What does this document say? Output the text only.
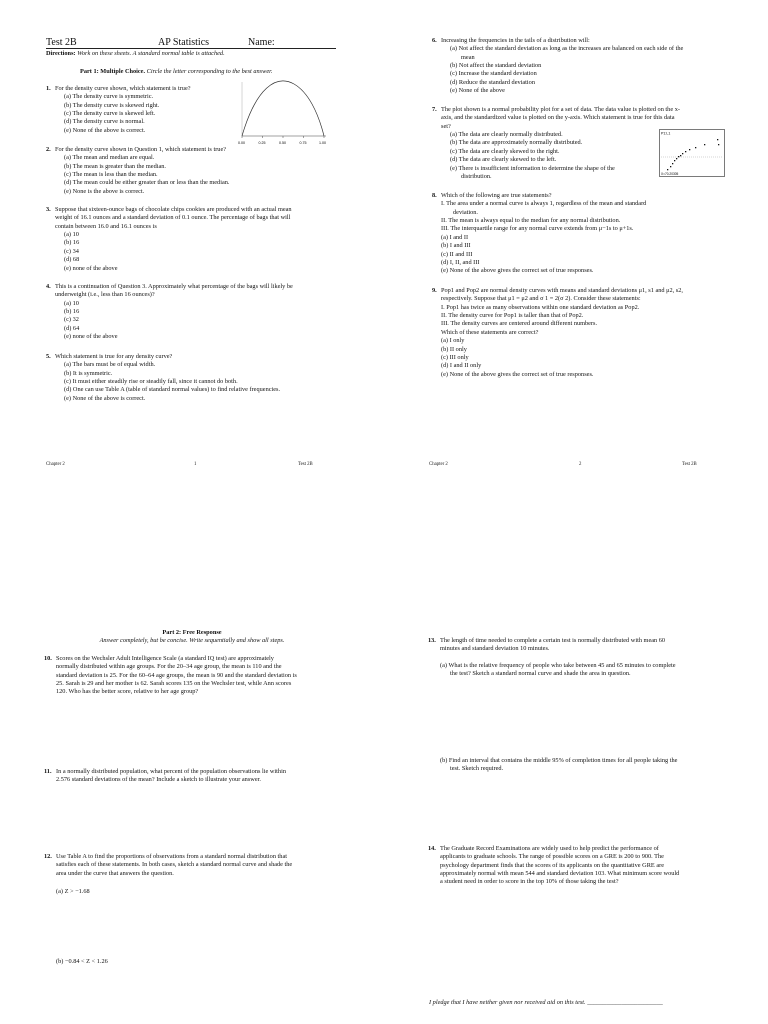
Test 2B	AP Statistics	Name:
Directions: Work on these sheets. A standard normal table is attached.
Part 1: Multiple Choice. Circle the letter corresponding to the best answer.
1. For the density curve shown, which statement is true?
(a) The density curve is symmetric.
(b) The density curve is skewed right.
(c) The density curve is skewed left.
(d) The density curve is normal.
(e) None of the above is correct.
0.00	0.25	0.50	0.75	1.00
2. For the density curve shown in Question 1, which statement is true?
(a) The mean and median are equal.
(b) The mean is greater than the median.
(c) The mean is less than the median.
(d) The mean could be either greater than or less than the median.
(e) None is the above is correct.
3. Suppose that sixteen-ounce bags of chocolate chips cookies are produced with an actual mean
weight of 16.1 ounces and a standard deviation of 0.1 ounce. The percentage of bags that will
contain between 16.0 and 16.1 ounces is
(a) 10
(b) 16
(c) 34
(d) 68
(e) none of the above
4. This is a continuation of Question 3. Approximately what percentage of the bags will likely be
underweight (i.e., less than 16 ounces)?
(a) 10
(b) 16
(c) 32
(d) 64
(e) none of the above
5. Which statement is true for any density curve?
(a) The bars must be of equal width.
(b) It is symmetric.
(c) It must either steadily rise or steadily fall, since it cannot do both.
(d) One can use Table A (table of standard normal values) to find relative frequencies.
(e) None of the above is correct.
Chapter 2	1	Test 2B
6. Increasing the frequencies in the tails of a distribution will:
(a) Not affect the standard deviation as long as the increases are balanced on each side of the
mean
(b) Not affect the standard deviation
(c) Increase the standard deviation
(d) Reduce the standard deviation
(e) None of the above
7. The plot shown is a normal probability plot for a set of data. The data value is plotted on the x-
axis, and the standardized value is plotted on the y-axis. Which statement is true for this data
set?
(a) The data are clearly normally distributed.
(b) The data are approximately normally distributed.
(c) The data are clearly skewed to the right.
(d) The data are clearly skewed to the left.
(e) There is insufficient information to determine the shape of the
distribution.
P1:L1
X=70.20305
8. Which of the following are true statements?
I. The area under a normal curve is always 1, regardless of the mean and standard
deviation.
II. The mean is always equal to the median for any normal distribution.
III. The interquartile range for any normal curve extends from μ−1s to μ+1s.
(a) I and II
(b) I and III
(c) II and III
(d) I, II, and III
(e) None of the above gives the correct set of true responses.
9. Pop1 and Pop2 are normal density curves with means and standard deviations μ1, s1 and μ2, s2,
respectively. Suppose that μ1 = μ2 and σ 1 = 2(σ 2). Consider these statements:
I. Pop1 has twice as many observations within one standard deviation as Pop2.
II. The density curve for Pop1 is taller than that of Pop2.
III. The density curves are centered around different numbers.
Which of these statements are correct?
(a) I only
(b) II only
(c) III only
(d) I and II only
(e) None of the above gives the correct set of true responses.
Chapter 2	2	Test 2B
Part 2: Free Response
Answer completely, but be concise. Write sequentially and show all steps.
10. Scores on the Wechsler Adult Intelligence Scale (a standard IQ test) are approximately
normally distributed within age groups. For the 20–34 age group, the mean is 110 and the
standard deviation is 25. For the 60–64 age groups, the mean is 90 and the standard deviation is
25. Sarah is 29 and her mother is 62. Sarah scores 135 on the Wechsler test, while Ann scores
120. Who has the better score, relative to her age group?
11. In a normally distributed population, what percent of the population observations lie within
2.576 standard deviations of the mean? Include a sketch to illustrate your answer.
12. Use Table A to find the proportions of observations from a standard normal distribution that
satisfies each of these statements. In both cases, sketch a standard normal curve and shade the
area under the curve that answers the question.
(a) Z > −1.68
(b) −0.84 < Z < 1.26
13. The length of time needed to complete a certain test is normally distributed with mean 60
minutes and standard deviation 10 minutes.
(a) What is the relative frequency of people who take between 45 and 65 minutes to complete
the test? Sketch a standard normal curve and shade the area in question.
(b) Find an interval that contains the middle 95% of completion times for all people taking the
test. Sketch required.
14. The Graduate Record Examinations are widely used to help predict the performance of
applicants to graduate schools. The range of possible scores on a GRE is 200 to 900. The
psychology department finds that the scores of its applicants on the quantitative GRE are
approximately normal with mean 544 and standard deviation 103. What minimum score would
a student need in order to score in the top 10% of those taking the test?
I pledge that I have neither given nor received aid on this test. ________________________
